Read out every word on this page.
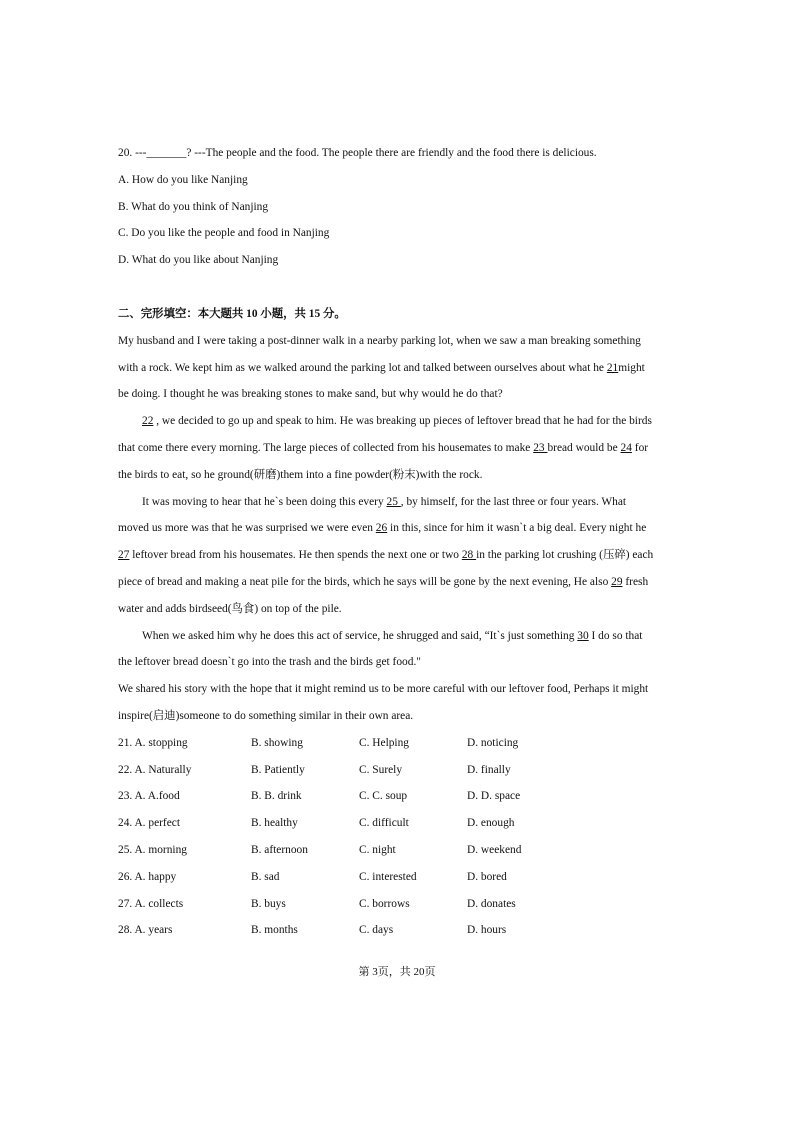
20. ---_______? ---The people and the food. The people there are friendly and the food there is delicious.
A. How do you like Nanjing
B. What do you think of Nanjing
C. Do you like the people and food in Nanjing
D. What do you like about Nanjing
二、完形填空：本大题共 10 小题，共 15 分。
My husband and I were taking a post-dinner walk in a nearby parking lot, when we saw a man breaking something
with a rock. We kept him as we walked around the parking lot and talked between ourselves about what he 21might
be doing. I thought he was breaking stones to make sand, but why would he do that?
22 , we decided to go up and speak to him. He was breaking up pieces of leftover bread that he had for the birds
that come there every morning. The large pieces of collected from his housemates to make 23 bread would be 24 for
the birds to eat, so he ground(研磨)them into a fine powder(粉末)with the rock.
It was moving to hear that he`s been doing this every 25 , by himself, for the last three or four years. What
moved us more was that he was surprised we were even 26 in this, since for him it wasn`t a big deal. Every night he
27 leftover bread from his housemates. He then spends the next one or two 28 in the parking lot crushing (压碎) each
piece of bread and making a neat pile for the birds, which he says will be gone by the next evening, He also 29 fresh
water and adds birdseed(鸟食) on top of the pile.
When we asked him why he does this act of service, he shrugged and said, “It`s just something 30 I do so that
the leftover bread doesn`t go into the trash and the birds get food."
We shared his story with the hope that it might remind us to be more careful with our leftover food, Perhaps it might
inspire(启迪)someone to do something similar in their own area.
21. A. stopping	B. showing	C. Helping	D. noticing
22. A. Naturally	B. Patiently	C. Surely	D. finally
23. A. A.food	B. B. drink	C. C. soup	D. D. space
24. A. perfect	B. healthy	C. difficult	D. enough
25. A. morning	B. afternoon	C. night	D. weekend
26. A. happy	B. sad	C. interested	D. bored
27. A. collects	B. buys	C. borrows	D. donates
28. A. years	B. months	C. days	D. hours
第 3页，共 20页
